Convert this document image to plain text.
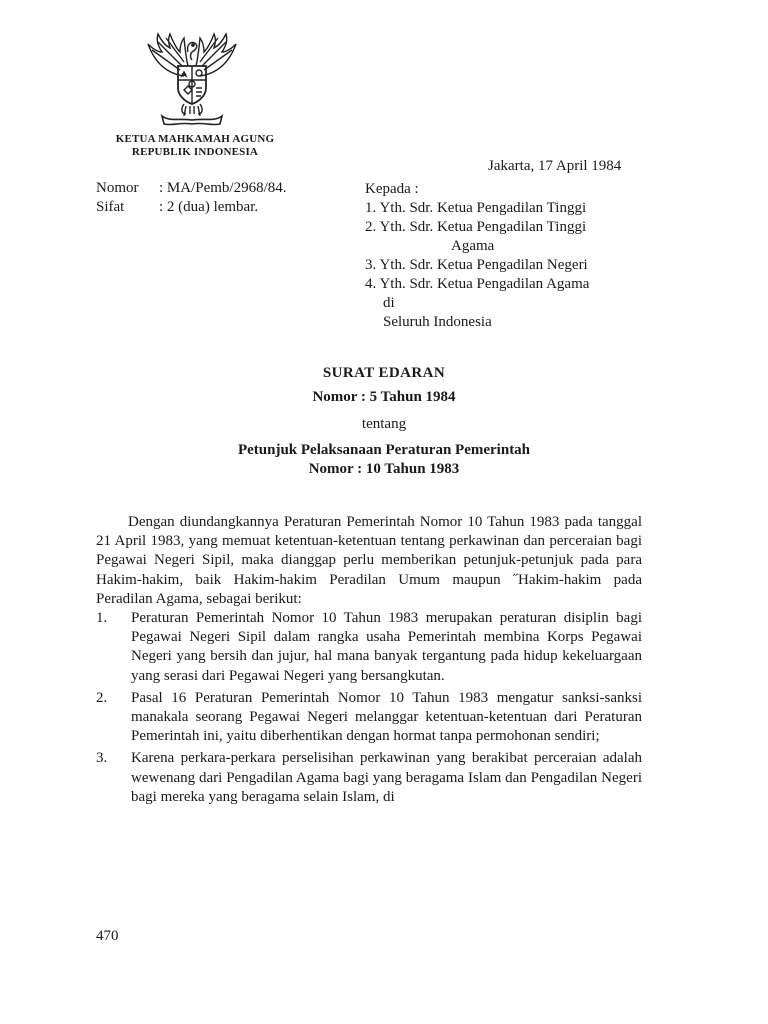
KETUA MAHKAMAH AGUNG
REPUBLIK INDONESIA
Jakarta, 17 April 1984
Nomor : MA/Pemb/2968/84.
Sifat : 2 (dua) lembar.
Kepada :
1. Yth. Sdr. Ketua Pengadilan Tinggi
2. Yth. Sdr. Ketua Pengadilan Tinggi
Agama
3. Yth. Sdr. Ketua Pengadilan Negeri
4. Yth. Sdr. Ketua Pengadilan Agama
di
Seluruh Indonesia
SURAT EDARAN
Nomor : 5 Tahun 1984
tentang
Petunjuk Pelaksanaan Peraturan Pemerintah
Nomor : 10 Tahun 1983

Dengan diundangkannya Peraturan Pemerintah Nomor 10 Tahun 1983 pada tanggal 21 April 1983, yang memuat ketentuan-ketentuan tentang perkawinan dan perceraian bagi Pegawai Negeri Sipil, maka dianggap perlu memberikan petunjuk-petunjuk pada para Hakim-hakim, baik Hakim-hakim Peradilan Umum maupun ˝Hakim-hakim pada Peradilan Agama, sebagai berikut:

1. Peraturan Pemerintah Nomor 10 Tahun 1983 merupakan peraturan disiplin bagi Pegawai Negeri Sipil dalam rangka usaha Pemerintah membina Korps Pegawai Negeri yang bersih dan jujur, hal mana banyak tergantung pada hidup kekeluargaan yang serasi dari Pegawai Negeri yang bersangkutan.
2. Pasal 16 Peraturan Pemerintah Nomor 10 Tahun 1983 mengatur sanksi-sanksi manakala seorang Pegawai Negeri melanggar ketentuan-ketentuan dari Peraturan Pemerintah ini, yaitu diberhentikan dengan hormat tanpa permohonan sendiri;
3. Karena perkara-perkara perselisihan perkawinan yang berakibat perceraian adalah wewenang dari Pengadilan Agama bagi yang beragama Islam dan Pengadilan Negeri bagi mereka yang beragama selain Islam, di
470
